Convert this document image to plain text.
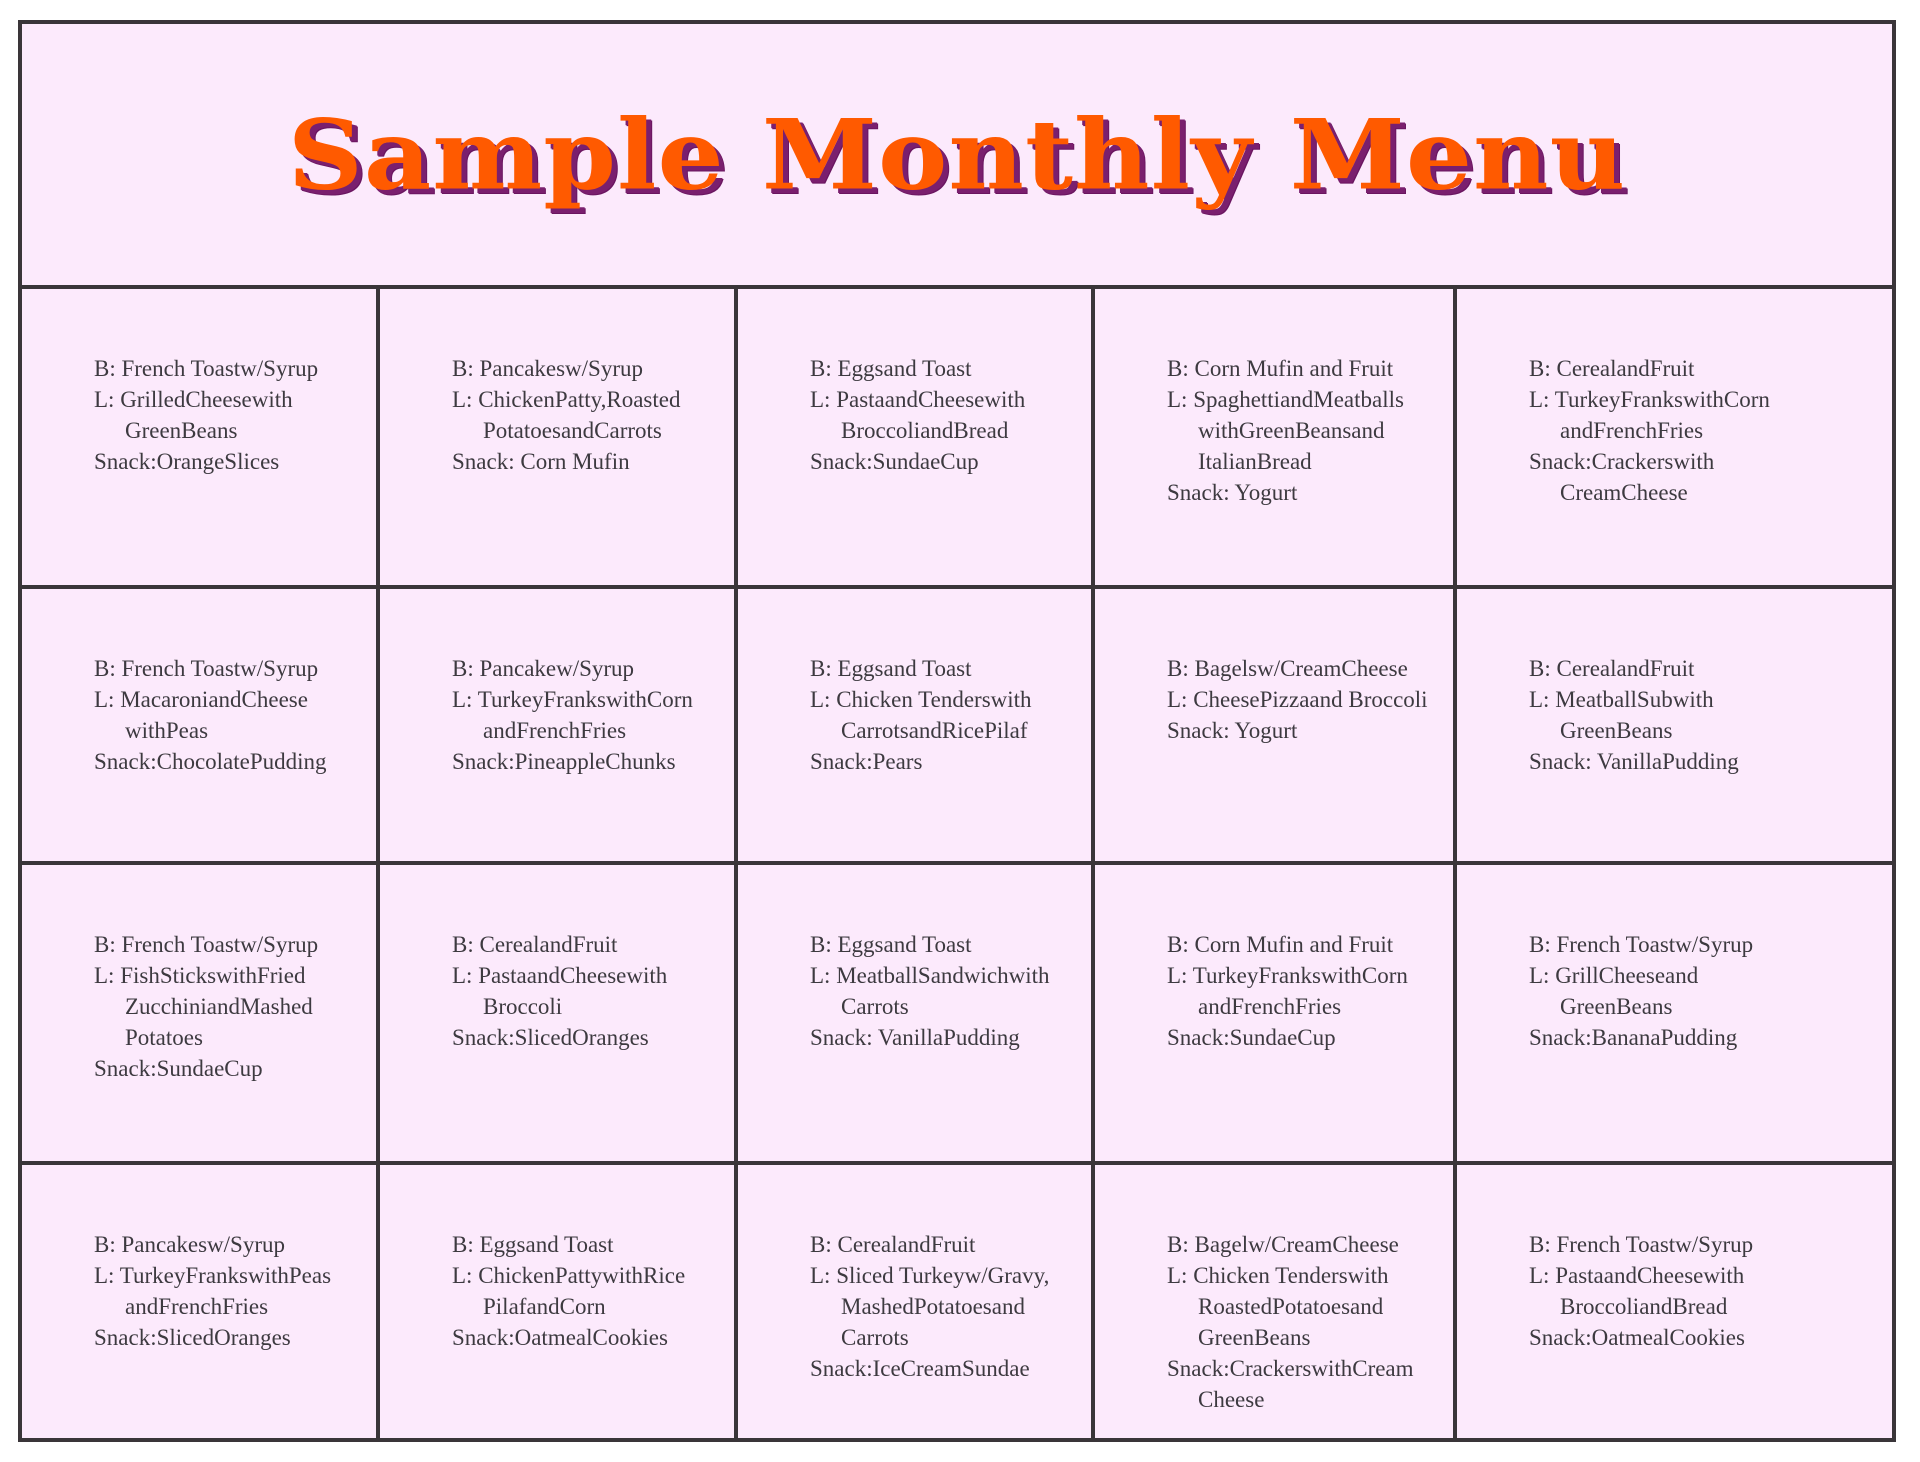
Sample Monthly Menu
B: French Toastw/Syrup
L: GrilledCheesewith
GreenBeans
Snack:OrangeSlices
B: Pancakesw/Syrup
L: ChickenPatty,Roasted
PotatoesandCarrots
Snack: Corn Mufin
B: Eggsand Toast
L: PastaandCheesewith
BroccoliandBread
Snack:SundaeCup
B: Corn Mufin and Fruit
L: SpaghettiandMeatballs
withGreenBeansand
ItalianBread
Snack: Yogurt
B: CerealandFruit
L: TurkeyFrankswithCorn
andFrenchFries
Snack:Crackerswith
CreamCheese
B: French Toastw/Syrup
L: MacaroniandCheese
withPeas
Snack:ChocolatePudding
B: Pancakew/Syrup
L: TurkeyFrankswithCorn
andFrenchFries
Snack:PineappleChunks
B: Eggsand Toast
L: Chicken Tenderswith
CarrotsandRicePilaf
Snack:Pears
B: Bagelsw/CreamCheese
L: CheesePizzaand Broccoli
Snack: Yogurt
B: CerealandFruit
L: MeatballSubwith
GreenBeans
Snack: VanillaPudding
B: French Toastw/Syrup
L: FishStickswithFried
ZucchiniandMashed
Potatoes
Snack:SundaeCup
B: CerealandFruit
L: PastaandCheesewith
Broccoli
Snack:SlicedOranges
B: Eggsand Toast
L: MeatballSandwichwith
Carrots
Snack: VanillaPudding
B: Corn Mufin and Fruit
L: TurkeyFrankswithCorn
andFrenchFries
Snack:SundaeCup
B: French Toastw/Syrup
L: GrillCheeseand
GreenBeans
Snack:BananaPudding
B: Pancakesw/Syrup
L: TurkeyFrankswithPeas
andFrenchFries
Snack:SlicedOranges
B: Eggsand Toast
L: ChickenPattywithRice
PilafandCorn
Snack:OatmealCookies
B: CerealandFruit
L: Sliced Turkeyw/Gravy,
MashedPotatoesand
Carrots
Snack:IceCreamSundae
B: Bagelw/CreamCheese
L: Chicken Tenderswith
RoastedPotatoesand
GreenBeans
Snack:CrackerswithCream
Cheese
B: French Toastw/Syrup
L: PastaandCheesewith
BroccoliandBread
Snack:OatmealCookies
